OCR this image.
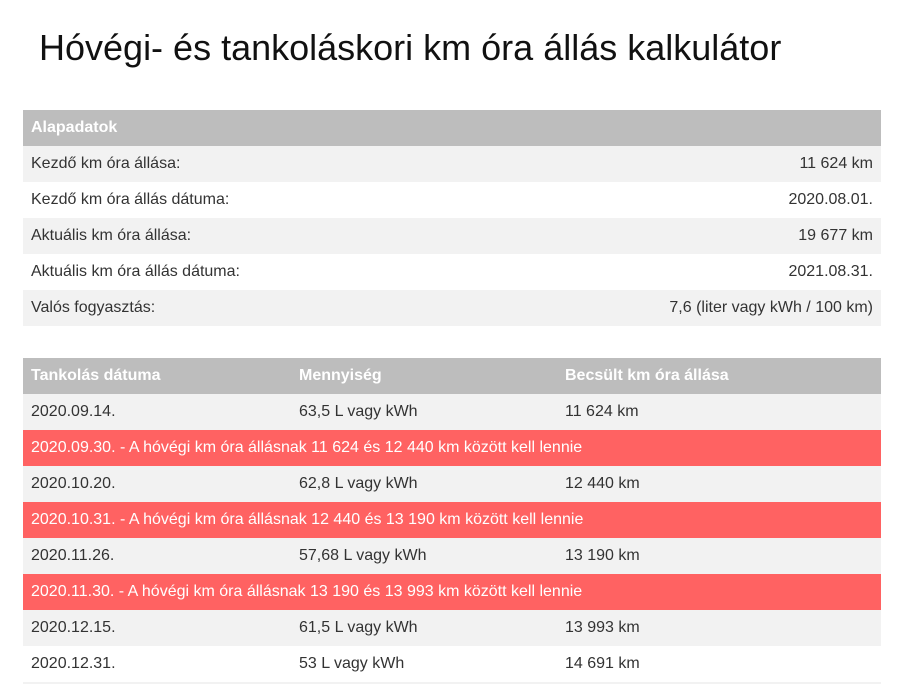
Hóvégi- és tankoláskori km óra állás kalkulátor
Alapadatok	
Kezdő km óra állása:	11 624 km
Kezdő km óra állás dátuma:	2020.08.01.
Aktuális km óra állása:	19 677 km
Aktuális km óra állás dátuma:	2021.08.31.
Valós fogyasztás:	7,6 (liter vagy kWh / 100 km)
Tankolás dátuma	Mennyiség	Becsült km óra állása
2020.09.14.	63,5 L vagy kWh	11 624 km
2020.09.30. - A hóvégi km óra állásnak 11 624 és 12 440 km között kell lennie		
2020.10.20.	62,8 L vagy kWh	12 440 km
2020.10.31. - A hóvégi km óra állásnak 12 440 és 13 190 km között kell lennie		
2020.11.26.	57,68 L vagy kWh	13 190 km
2020.11.30. - A hóvégi km óra állásnak 13 190 és 13 993 km között kell lennie		
2020.12.15.	61,5 L vagy kWh	13 993 km
2020.12.31.	53 L vagy kWh	14 691 km
